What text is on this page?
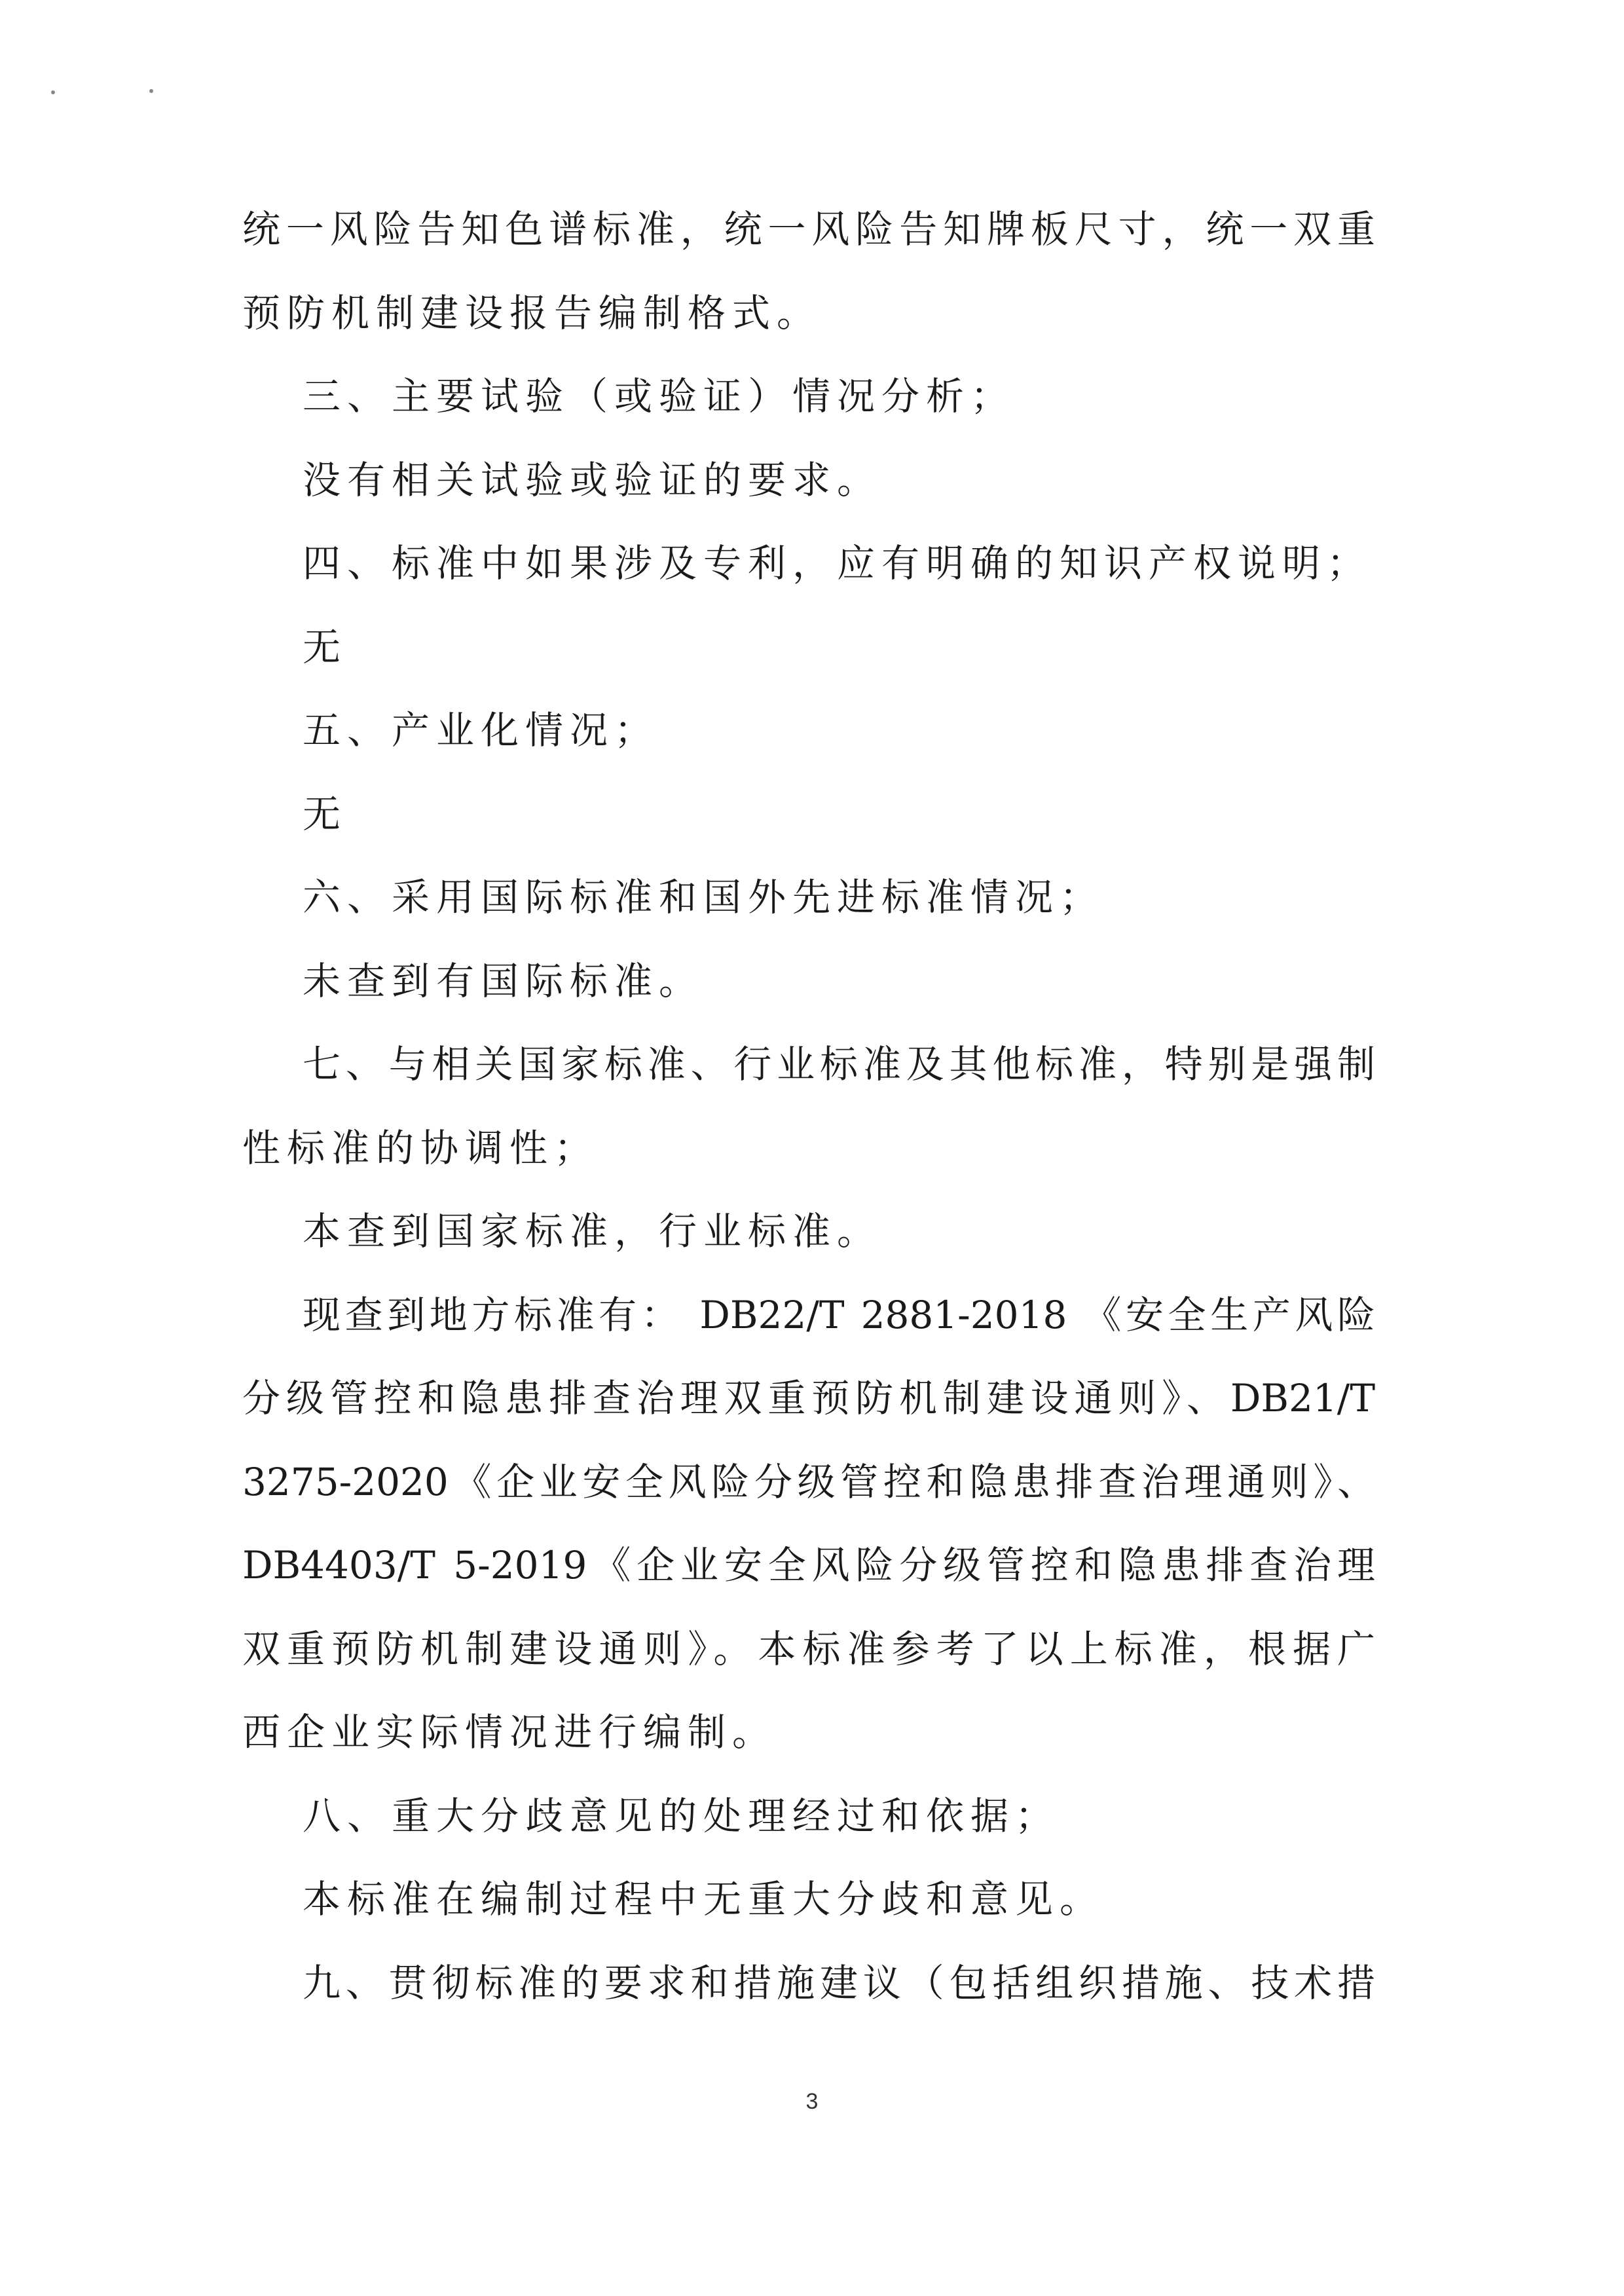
统一风险告知色谱标准，统一风险告知牌板尺寸，统一双重
预防机制建设报告编制格式。
三、主要试验（或验证）情况分析；
没有相关试验或验证的要求。
四、标准中如果涉及专利，应有明确的知识产权说明；
无
五、产业化情况；
无
六、采用国际标准和国外先进标准情况；
未查到有国际标准。
七、与相关国家标准、行业标准及其他标准，特别是强制
性标准的协调性；
本查到国家标准，行业标准。
现查到地方标准有： DB22/T 2881-2018 《安全生产风险
分级管控和隐患排查治理双重预防机制建设通则》、DB21/T
3275-2020《企业安全风险分级管控和隐患排查治理通则》、
DB4403/T 5-2019《企业安全风险分级管控和隐患排查治理
双重预防机制建设通则》。本标准参考了以上标准，根据广
西企业实际情况进行编制。
八、重大分歧意见的处理经过和依据；
本标准在编制过程中无重大分歧和意见。
九、贯彻标准的要求和措施建议（包括组织措施、技术措
3
